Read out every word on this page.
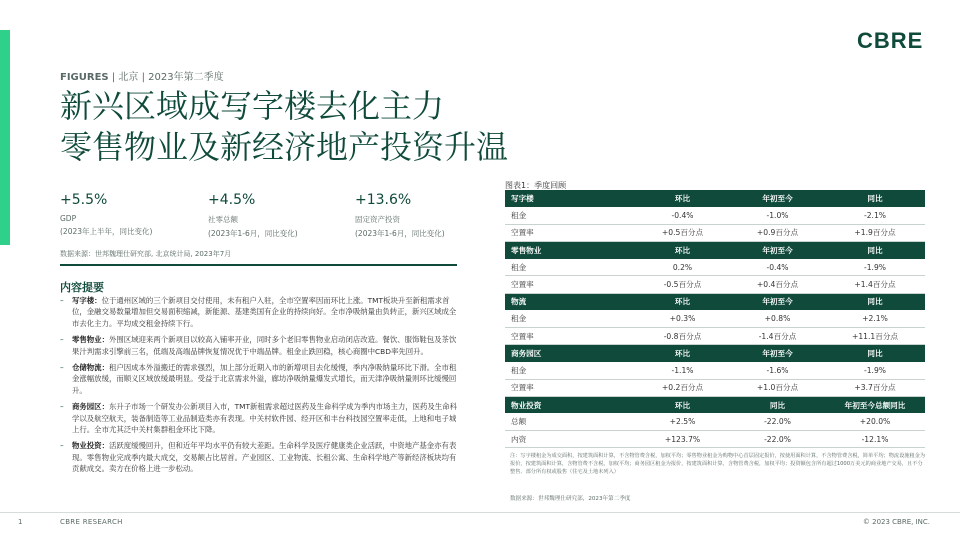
CBRE
FIGURES | 北京 | 2023年第二季度
新兴区域成写字楼去化主力
零售物业及新经济地产投资升温
+5.5%
GDP
(2023年上半年，同比变化)
+4.5%
社零总额
(2023年1-6月，同比变化)
+13.6%
固定资产投资
(2023年1-6月，同比变化)
数据来源：世邦魏理仕研究部, 北京统计局, 2023年7月
内容提要
– 写字楼：位于通州区域的三个新项目交付使用，未有租户入驻，全市空置率因而环比上涨。TMT板块升至新租需求首位，金融交易数量增加但交易面积缩减，新能源、基建类国有企业的持续向好。全市净吸纳量由负转正，新兴区域成全市去化主力。平均成交租金持续下行。
– 零售物业：外围区域迎来两个新项目以较高入铺率开业，同时多个老旧零售物业启动闭店改造。餐饮、服饰鞋包及茶饮果汁判需求引擎前三名，低端及高端品牌恢复情况优于中端品牌。租金止跌回稳，核心商圈中CBD率先回升。
– 仓储物流：租户因成本外溢搬迁的需求强烈，加上部分近期入市的新增项目去化缓慢，季内净吸纳量环比下滑。全市租金涨幅放缓，而顺义区域放缓最明显。受益于北京需求外溢，廊坊净吸纳量爆发式增长，而天津净吸纳量则环比缓慢回升。
– 商务园区：东升子市场一个研发办公新项目入市，TMT新租需求超过医药及生命科学成为季内市场主力，医药及生命科学以及航空航天，装备制造等工业品制造类亦有表现。中关村软件园、经开区和丰台科技园空置率走低，上地和电子城上行。全市尤其泛中关村集群租金环比下降。
– 物业投资：活跃度缓慢回升，但和近年平均水平仍有较大差距。生命科学及医疗健康类企业活跃，中资地产基金亦有表现。零售物业完成季内最大成交，交易额占比居首。产业园区、工业物流、长租公寓、生命科学地产等新经济板块均有贡献成交。卖方在价格上进一步松动。
图表1：季度回顾
写字楼	环比	年初至今	同比
租金	-0.4%	-1.0%	-2.1%
空置率	+0.5百分点	+0.9百分点	+1.9百分点
零售物业	环比	年初至今	同比
租金	0.2%	-0.4%	-1.9%
空置率	-0.5百分点	+0.4百分点	+1.4百分点
物流	环比	年初至今	同比
租金	+0.3%	+0.8%	+2.1%
空置率	-0.8百分点	-1.4百分点	+11.1百分点
商务园区	环比	年初至今	同比
租金	-1.1%	-1.6%	-1.9%
空置率	+0.2百分点	+1.0百分点	+3.7百分点
物业投资	环比	同比	年初至今总额同比
总额	+2.5%	-22.0%	+20.0%
内资	+123.7%	-22.0%	-12.1%
注：写字楼租金为成交面积，按建筑面积计算，不含物管费含税，加权平均；零售物业租金为购物中心首层固定报价，按使用面积计算，不含物管费含税，简单平均；物流设施租金为报价，按建筑面积计算，含物管费不含税，加权平均；商务园区租金为报价，按建筑面积计算，含物管费含税，加权平均；投资额包含所有超过1000万美元的商业地产交易，且不分整售、部分所有权或股售（住宅及土地未列入）
数据来源：世邦魏理仕研究部，2023年第二季度
1	CBRE RESEARCH	© 2023 CBRE, INC.
